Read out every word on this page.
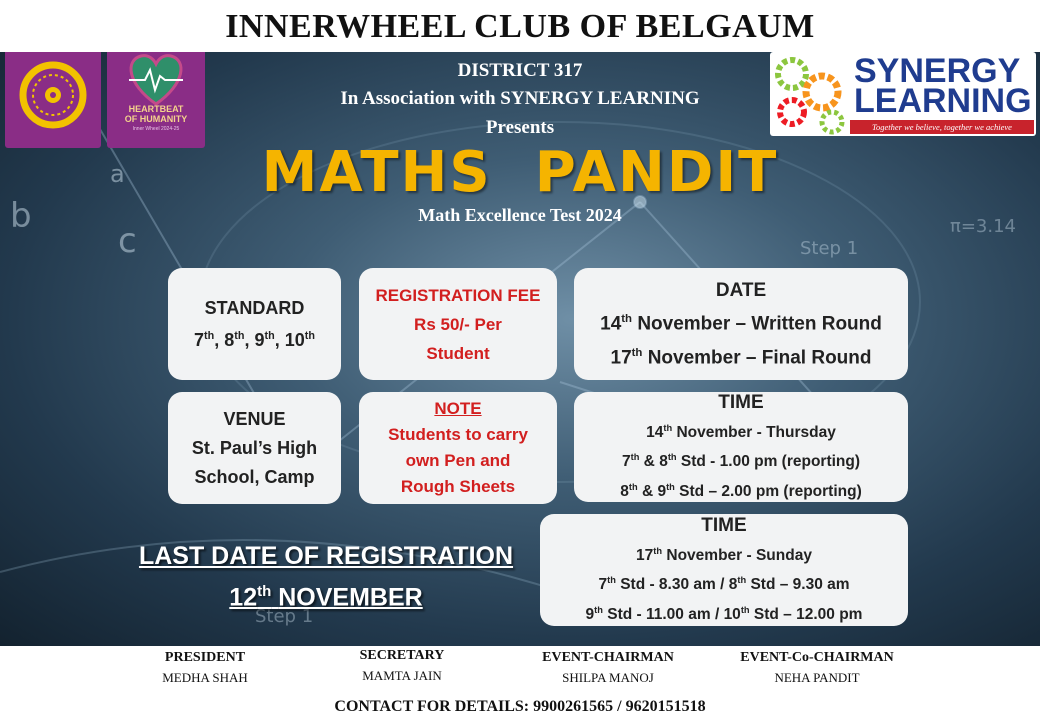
INNERWHEEL CLUB OF BELGAUM
b
c
a
Step 1
Step 1
π=3.14
HEARTBEAT
OF HUMANITY
Inner Wheel 2024-25
SYNERGY
LEARNING
Together we believe, together we achieve
DISTRICT 317
In Association with SYNERGY LEARNING
Presents
MATHS  PANDIT
Math Excellence Test 2024
LAST DATE OF REGISTRATION
12th NOVEMBER
STANDARD
7th, 8th, 9th, 10th
REGISTRATION FEE
Rs 50/- Per
Student
DATE
14th November – Written Round
17th November – Final Round
VENUE
St. Paul’s High
School, Camp
NOTE
Students to carry
own Pen and
Rough Sheets
TIME
14th November - Thursday
7th & 8th Std - 1.00 pm (reporting)
8th & 9th Std – 2.00 pm (reporting)
TIME
17th November - Sunday
7th Std - 8.30 am / 8th Std – 9.30 am
9th Std - 11.00 am / 10th Std – 12.00 pm
PRESIDENT
MEDHA SHAH
SECRETARY
MAMTA JAIN
EVENT-CHAIRMAN
SHILPA MANOJ
EVENT-Co-CHAIRMAN
NEHA PANDIT
CONTACT FOR DETAILS: 9900261565 / 9620151518
